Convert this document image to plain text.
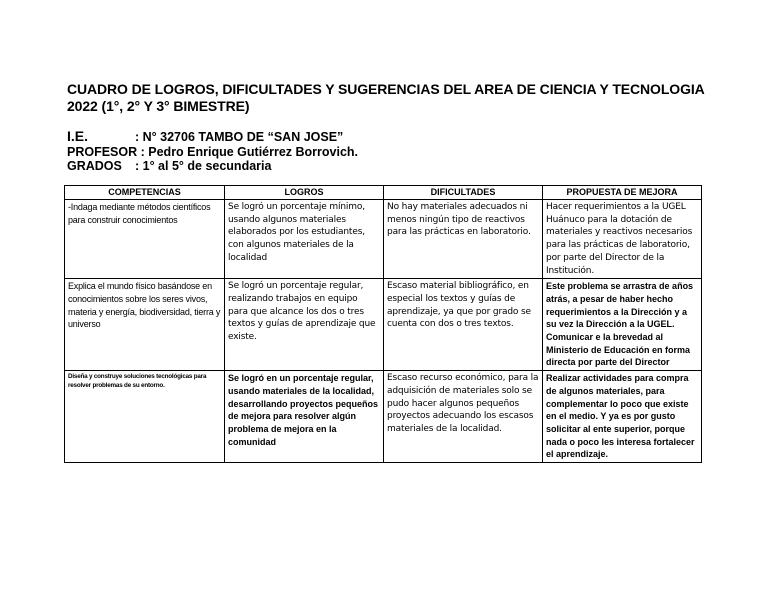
CUADRO DE LOGROS, DIFICULTADES Y SUGERENCIAS DEL AREA DE CIENCIA Y TECNOLOGIA 2022 (1°, 2° Y 3° BIMESTRE)
I.E.	: N° 32706 TAMBO DE “SAN JOSE”
PROFESOR : Pedro Enrique Gutiérrez Borrovich.
GRADOS : 1° al 5° de secundaria
COMPETENCIAS	LOGROS	DIFICULTADES	PROPUESTA DE MEJORA
-Indaga mediante métodos científicos para construir conocimientos	Se logró un porcentaje mínimo, usando algunos materiales elaborados por los estudiantes, con algunos materiales de la localidad	No hay materiales adecuados ni menos ningún tipo de reactivos para las prácticas en laboratorio.	Hacer requerimientos a la UGEL Huánuco para la dotación de materiales y reactivos necesarios para las prácticas de laboratorio, por parte del Director de la Institución.
Explica el mundo físico basándose en conocimientos sobre los seres vivos, materia y energía, biodiversidad, tierra y universo	Se logró un porcentaje regular, realizando trabajos en equipo para que alcance los dos o tres textos y guías de aprendizaje que existe.	Escaso material bibliográfico, en especial los textos y guías de aprendizaje, ya que por grado se cuenta con dos o tres textos.	Este problema se arrastra de años atrás, a pesar de haber hecho requerimientos a la Dirección y a su vez la Dirección a la UGEL. Comunicar e la brevedad al Ministerio de Educación en forma directa por parte del Director
Diseña y construye soluciones tecnológicas para resolver problemas de su entorno.	Se logró en un porcentaje regular, usando materiales de la localidad, desarrollando proyectos pequeños de mejora para resolver algún problema de mejora en la comunidad	Escaso recurso económico, para la adquisición de materiales solo se pudo hacer algunos pequeños proyectos adecuando los escasos materiales de la localidad.	Realizar actividades para compra de algunos materiales, para complementar lo poco que existe en el medio. Y ya es por gusto solicitar al ente superior, porque nada o poco les interesa fortalecer el aprendizaje.
